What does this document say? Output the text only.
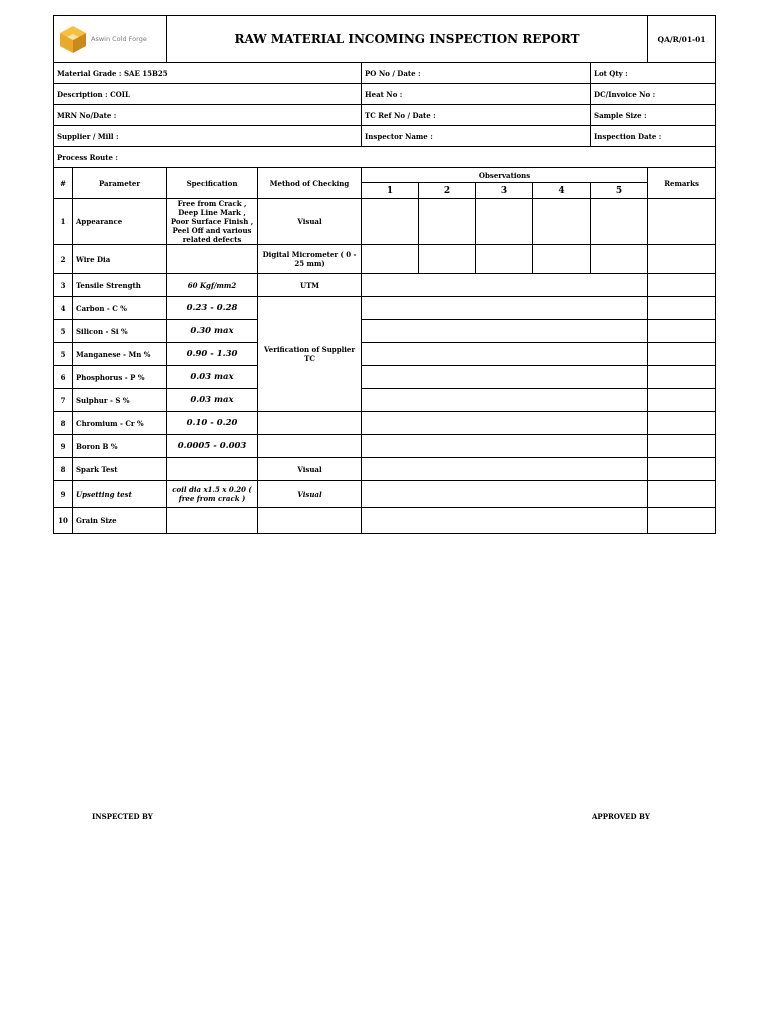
Aswin Cold Forge		RAW MATERIAL INCOMING INSPECTION REPORT							QA/R/01-01
Material Grade : SAE 15B25				PO No / Date :				Lot Qty :	
Description : COIL				Heat No :				DC/Invoice No :	
MRN No/Date :				TC Ref No / Date :				Sample Size :	
Supplier / Mill :				Inspector Name :				Inspection Date :	
Process Route :									
#	Parameter	Specification	Method of Checking	Observations					Remarks
				1	2	3	4	5	
1	Appearance	Free from Crack , Deep Line Mark , Poor Surface Finish , Peel Off and various related defects	Visual						
2	Wire Dia		Digital Micrometer ( 0 - 25 mm)						
3	Tensile Strength	60 Kgf/mm2	UTM						
4	Carbon - C %	0.23 - 0.28	Verification of Supplier TC						
5	Silicon - Si %	0.30 max							
5	Manganese - Mn %	0.90 - 1.30							
6	Phosphorus - P %	0.03 max							
7	Sulphur - S %	0.03 max							
8	Chromium - Cr %	0.10 - 0.20							
9	Boron B %	0.0005 - 0.003							
8	Spark Test		Visual						
9	Upsetting test	coil dia x1.5 x 0.20 ( free from crack )	Visual						
10	Grain Size								
INSPECTED BY	APPROVED BY
